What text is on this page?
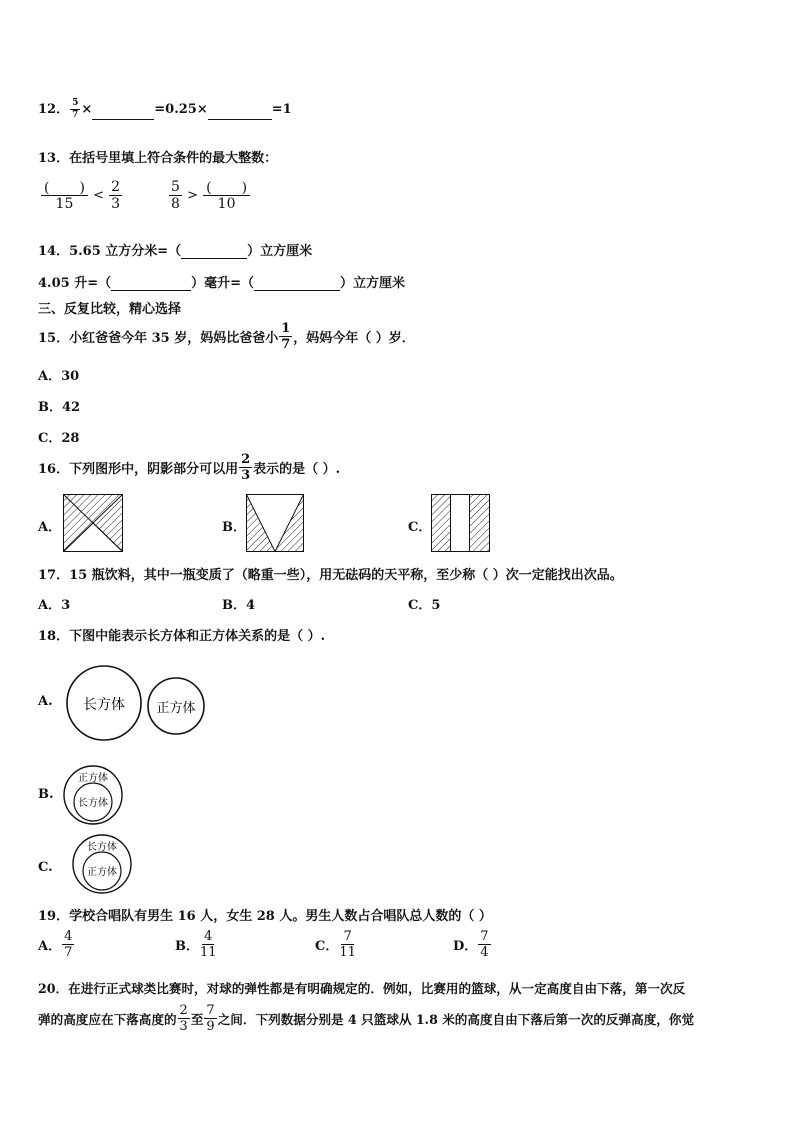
12． $\frac{5}{7}$ ×	=0.25×	=1
13．在括号里填上符合条件的最大整数：
$\frac{( )}{15} < \frac{2}{3}$	$\frac{5}{8} > \frac{( )}{10}$
14．5.65 立方分米=（	）立方厘米
4.05 升=（	）毫升=（	）立方厘米
三、反复比较，精心选择
15．小红爸爸今年 35 岁，妈妈比爸爸小 $\frac{1}{7}$ ，妈妈今年（ ）岁．
A．30
B．42
C．28
16．下列图形中，阴影部分可以用 $\frac{2}{3}$ 表示的是（ ）.
A．	B．	C．
17．15 瓶饮料，其中一瓶变质了（略重一些），用无砝码的天平称，至少称（ ）次一定能找出次品。
A．3	B．4	C．5
18．下图中能表示长方体和正方体关系的是（ ）.
A. 长方体 正方体
B.
正方体
长方体
C.
长方体
正方体
19．学校合唱队有男生 16 人，女生 28 人。男生人数占合唱队总人数的（ ）
A． $\frac{4}{7}$	B． $\frac{4}{11}$	C． $\frac{7}{11}$	D． $\frac{7}{4}$
20．在进行正式球类比赛时，对球的弹性都是有明确规定的．例如，比赛用的篮球，从一定高度自由下落，第一次反
弹的高度应在下落高度的 $\frac{2}{3}$ 至 $\frac{7}{9}$ 之间．下列数据分别是 4 只篮球从 1.8 米的高度自由下落后第一次的反弹高度，你觉
